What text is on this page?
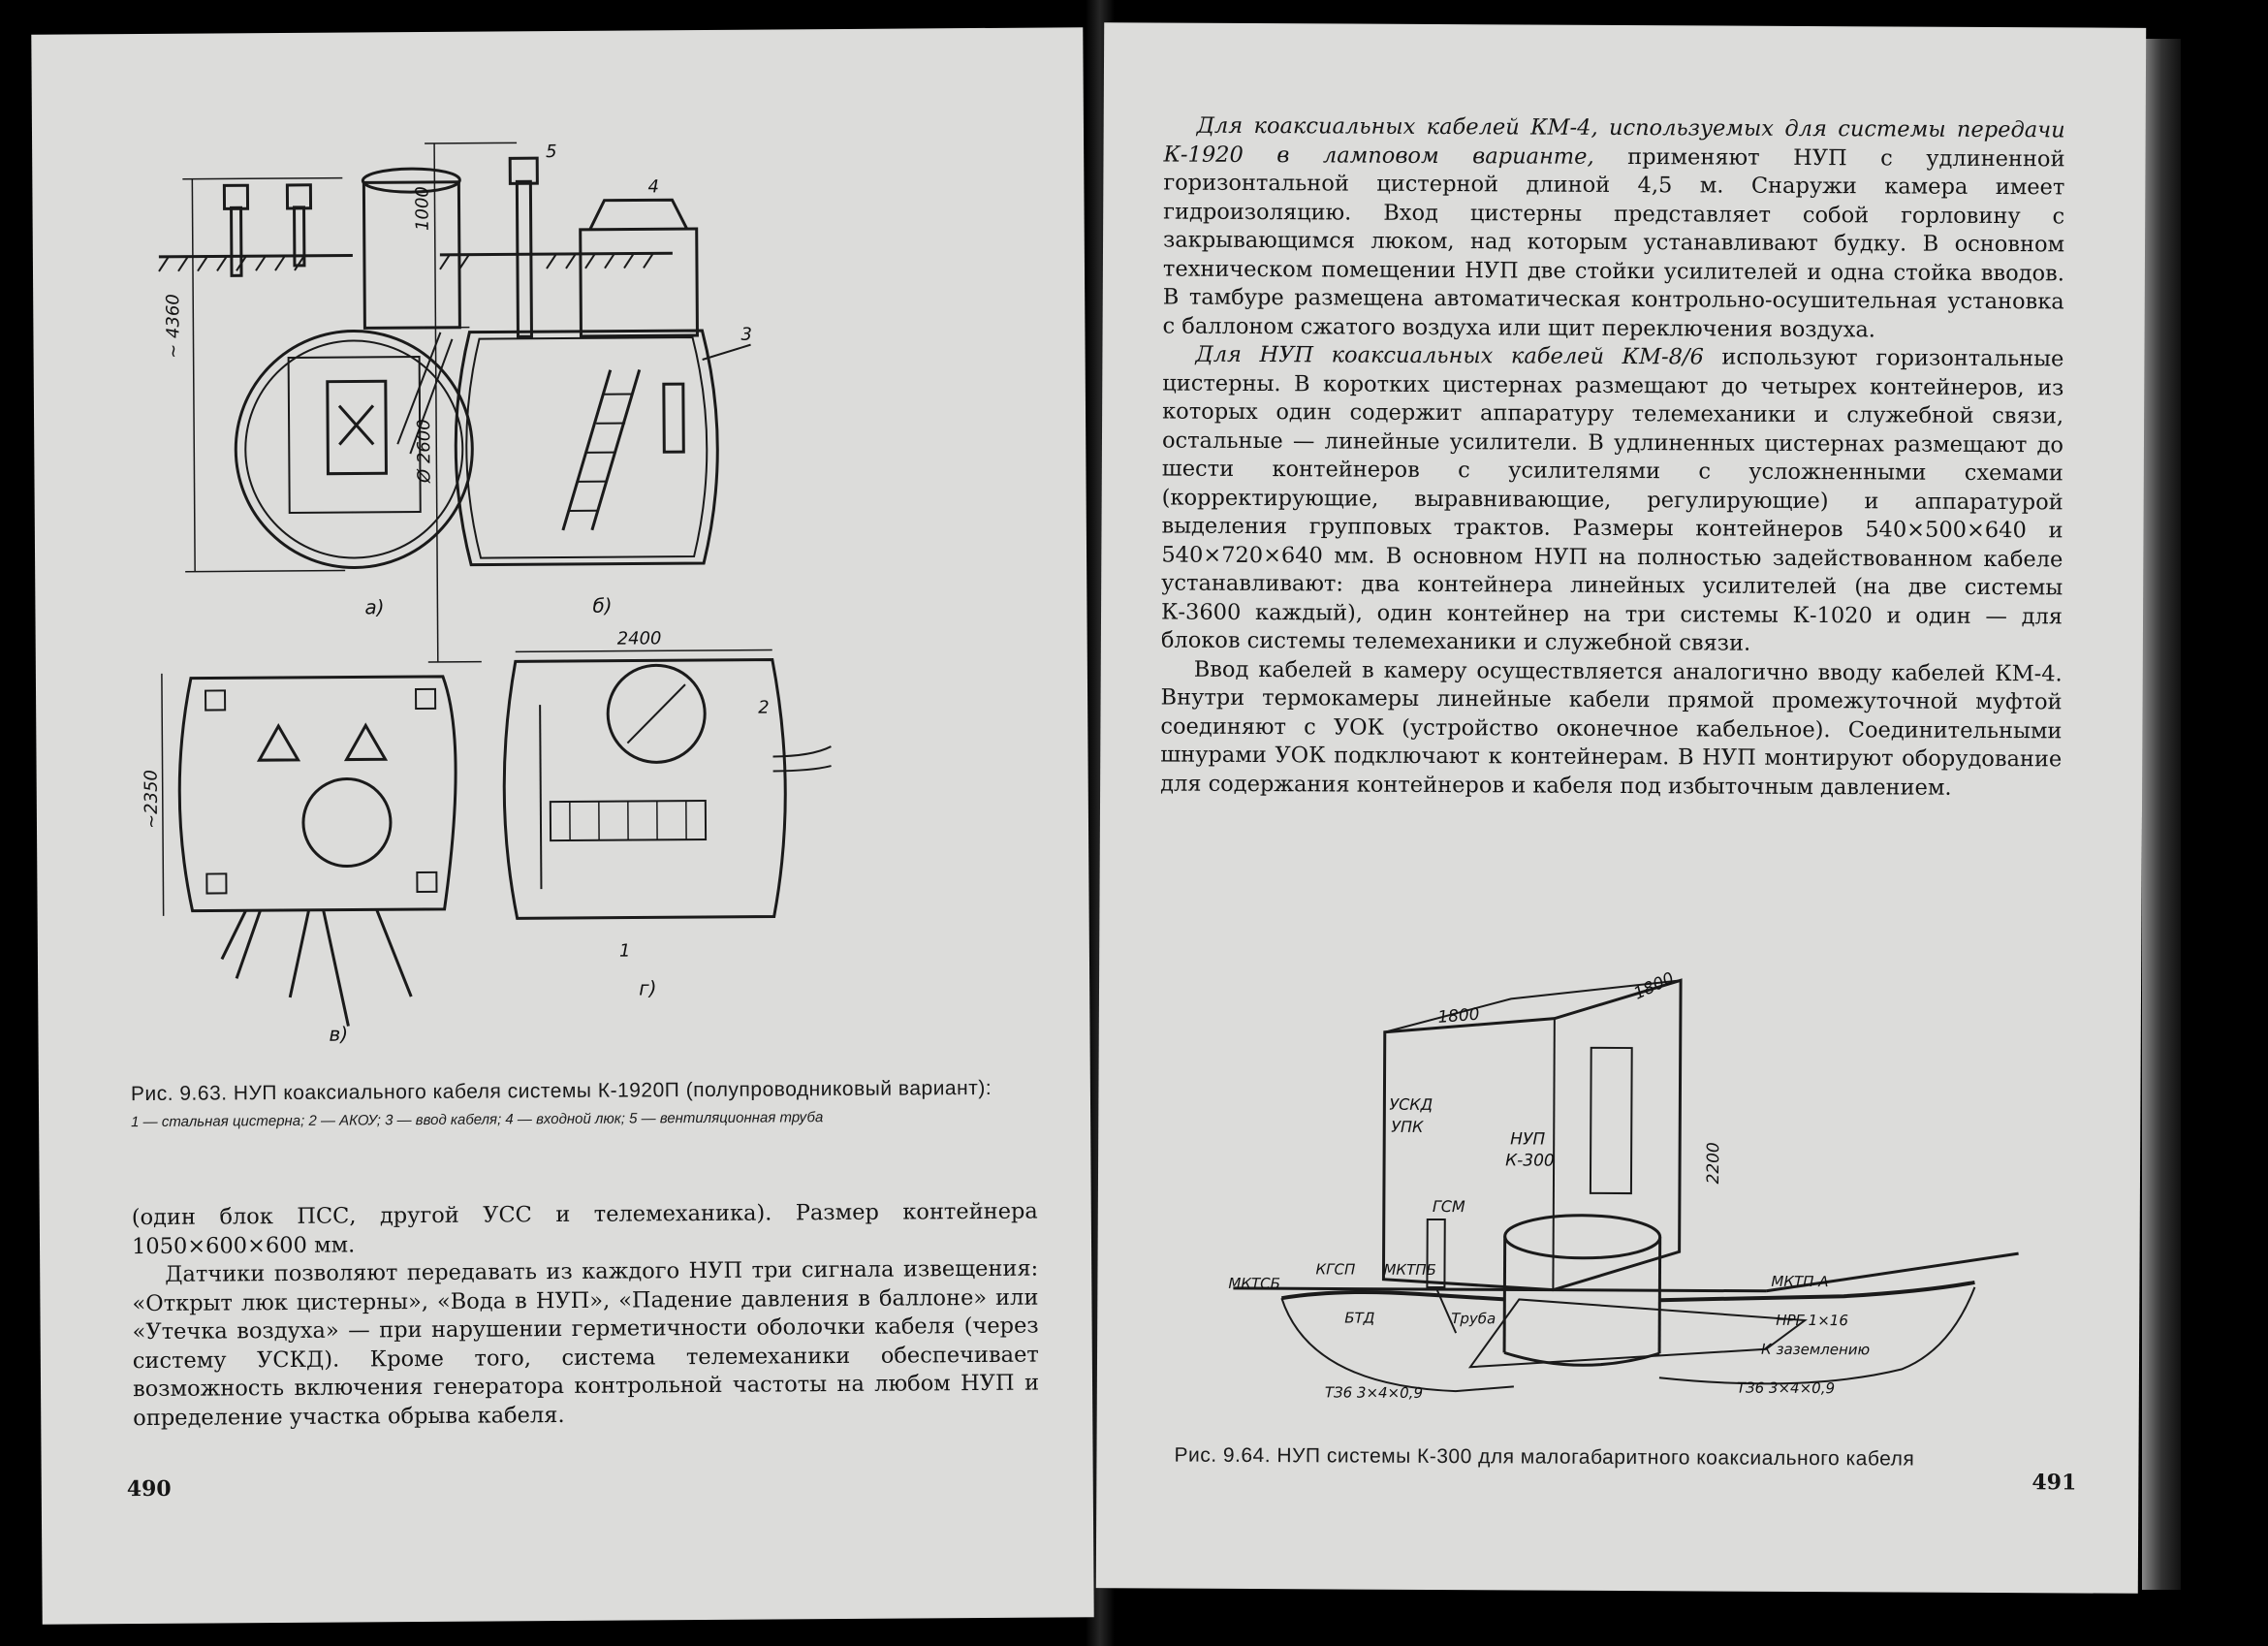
а)	б)
в)
г)
~ 4360
Ø 2600
1000
2400
~2350
1
2
3
4
5
Рис. 9.63. НУП коаксиального кабеля системы К-1920П (полупроводниковый вариант):
1 — стальная цистерна; 2 — АКОУ; 3 — ввод кабеля; 4 — входной люк; 5 — вентиляционная труба

(один блок ПСС, другой УСС и телемеханика). Размер контейнера 1050×600×600 мм.

Датчики позволяют передавать из каждого НУП три сигнала извещения: «Открыт люк цистерны», «Вода в НУП», «Падение давления в баллоне» или «Утечка воздуха» — при нарушении герметичности оболочки кабеля (через систему УСКД). Кроме того, система телемеханики обеспечивает возможность включения генератора контрольной частоты на любом НУП и определение участка обрыва кабеля.

490

Для коаксиальных кабелей КМ-4, используемых для системы передачи К-1920 в ламповом варианте, применяют НУП с удлиненной горизонтальной цистерной длиной 4,5 м. Снаружи камера имеет гидроизоляцию. Вход цистерны представляет собой горловину с закрывающимся люком, над которым устанавливают будку. В основном техническом помещении НУП две стойки усилителей и одна стойка вводов. В тамбуре размещена автоматическая контрольно-осушительная установка с баллоном сжатого воздуха или щит переключения воздуха.

Для НУП коаксиальных кабелей КМ-8/6 используют горизонтальные цистерны. В коротких цистернах размещают до четырех контейнеров, из которых один содержит аппаратуру телемеханики и служебной связи, остальные — линейные усилители. В удлиненных цистернах размещают до шести контейнеров с усилителями с усложненными схемами (корректирующие, выравнивающие, регулирующие) и аппаратурой выделения групповых трактов. Размеры контейнеров 540×500×640 и 540×720×640 мм. В основном НУП на полностью задействованном кабеле устанавливают: два контейнера линейных усилителей (на две системы К-3600 каждый), один контейнер на три системы К-1020 и один — для блоков системы телемеханики и служебной связи.

Ввод кабелей в камеру осуществляется аналогично вводу кабелей КМ-4. Внутри термокамеры линейные кабели прямой промежуточной муфтой соединяют с УОК (устройство оконечное кабельное). Соединительными шнурами УОК подключают к контейнерам. В НУП монтируют оборудование для содержания контейнеров и кабеля под избыточным давлением.

1800
1800
2200
УСКД
УПК
ГСМ
НУП
К-300
МКТСБ
КГСП МКТПБ
МКТП А
БТД	Труба	НРГ 1×16
К заземлению
ТЗ6 3×4×0,9	ТЗ6 3×4×0,9
Рис. 9.64. НУП системы К-300 для малогабаритного коаксиального кабеля
491
